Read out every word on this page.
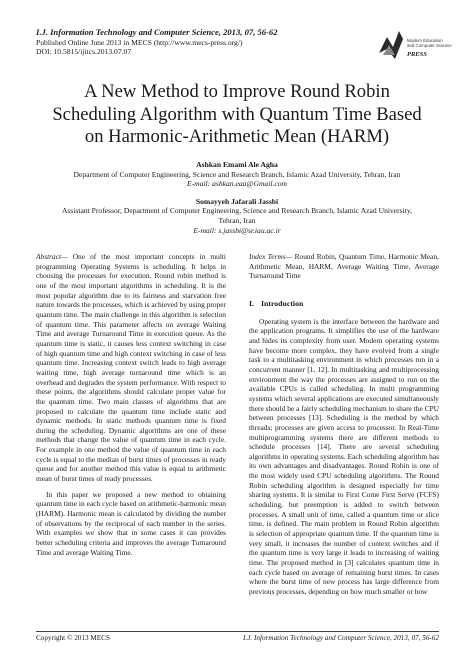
I.J. Information Technology and Computer Science, 2013, 07, 56-62
Published Online June 2013 in MECS (http://www.mecs-press.org/)
DOI: 10.5815/ijitcs.2013.07.07
Modern Education
and Computer Science
PRESS
A New Method to Improve Round Robin
Scheduling Algorithm with Quantum Time Based
on Harmonic-Arithmetic Mean (HARM)
Ashkan Emami Ale Agha
Department of Computer Engineering, Science and Research Branch, Islamic Azad University, Tehran, Iran
E-mail: ashkan.eaa@Gmail.com
Somayyeh Jafarali Jassbi
Assistant Professor, Department of Computer Engineering, Science and Research Branch, Islamic Azad University,
Tehran, Iran
E-mail: s.jassbi@sr.iau.ac.ir

Abstract— One of the most important concepts in multi programming Operating Systems is scheduling. It helps in choosing the processes for execution. Round robin method is one of the most important algorithms in scheduling. It is the most popular algorithm due to its fairness and starvation free nature towards the processes, which is achieved by using proper quantum time. The main challenge in this algorithm is selection of quantum time. This parameter affects on average Waiting Time and average Turnaround Time in execution queue. As the quantum time is static, it causes less context switching in case of high quantum time and high context switching in case of less quantum time. Increasing context switch leads to high average waiting time, high average turnaround time which is an overhead and degrades the system performance. With respect to these points, the algorithms should calculate proper value for the quantum time. Two main classes of algorithms that are proposed to calculate the quantum time include static and dynamic methods. In static methods quantum time is fixed during the scheduling. Dynamic algorithms are one of these methods that change the value of quantum time in each cycle. For example in one method the value of quantum time in each cycle is equal to the median of burst times of processes in ready queue and for another method this value is equal to arithmetic mean of burst times of ready processes.

In this paper we proposed a new method to obtaining quantum time in each cycle based on arithmetic-harmonic mean (HARM). Harmonic mean is calculated by dividing the number of observations by the reciprocal of each number in the series. With examples we show that in some cases it can provides better scheduling criteria and improves the average Turnaround Time and average Waiting Time.

Index Terms— Round Robin, Quantum Time, Harmonic Mean, Arithmetic Mean, HARM, Average Waiting Time, Average Turnaround Time

I. Introduction

Operating system is the interface between the hardware and the application programs. It simplifies the use of the hardware and hides its complexity from user. Modern operating systems have become more complex, they have evolved from a single task to a multitasking environment in which processes run in a concurrent manner [1, 12]. In multitasking and multiprocessing environment the way the processes are assigned to run on the available CPUs is called scheduling. In multi programming systems which several applications are executed simultaneously there should be a fairly scheduling mechanism to share the CPU between processes [13]. Scheduling is the method by which threads; processes are given access to processor. In Real-Time multiprogramming systems there are different methods to schedule processes [14]. There are several scheduling algorithms in operating systems. Each scheduling algorithm has its own advantages and disadvantages. Round Robin is one of the most widely used CPU scheduling algorithms. The Round Robin scheduling algorithm is designed especially for time sharing systems. It is similar to First Come First Serve (FCFS) scheduling, but preemption is added to switch between processes. A small unit of time, called a quantum time or slice time, is defined. The main problem in Round Robin algorithm is selection of appropriate quantum time. If the quantum time is very small, it increases the number of context switches and if the quantum time is very large it leads to increasing of waiting time. The proposed method in [3] calculates quantum time in each cycle based on average of remaining burst times. In cases where the burst time of new process has large difference from previous processes, depending on how much smaller or how

Copyright © 2013 MECS	I.J. Information Technology and Computer Science, 2013, 07, 56-62
